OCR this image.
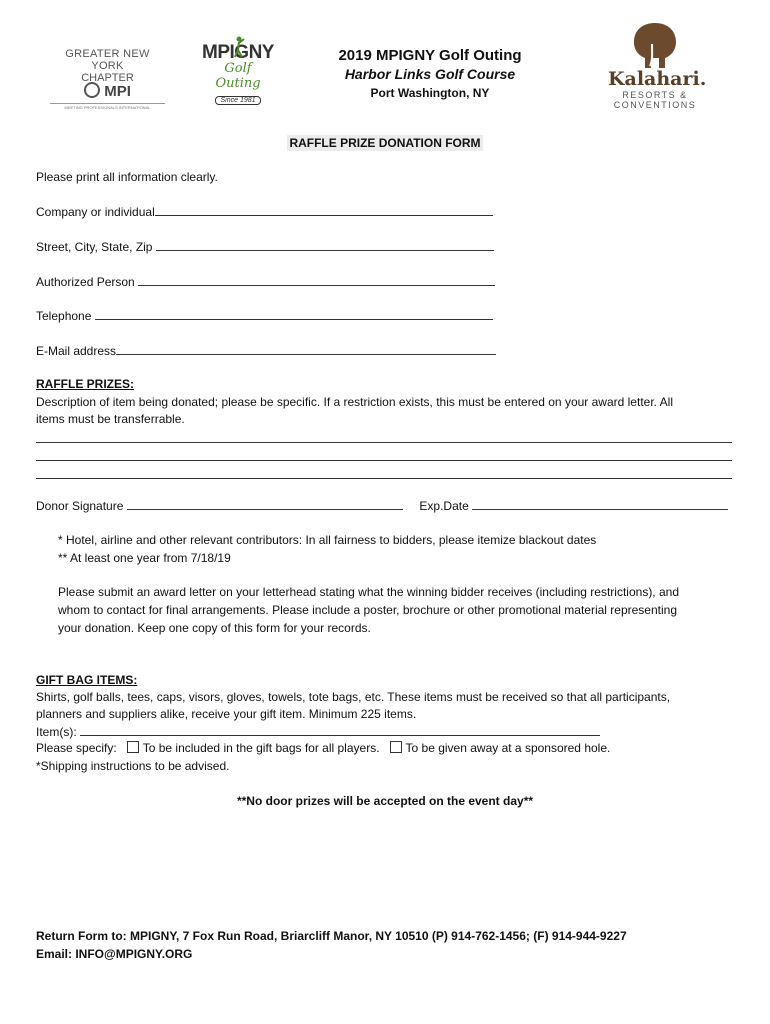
GREATER NEW YORK
CHAPTER
MPI
MEETING PROFESSIONALS INTERNATIONAL
MPIGNY
Golf Outing
Since 1981
2019 MPIGNY Golf Outing
Harbor Links Golf Course
Port Washington, NY
Kalahari.
RESORTS &
CONVENTIONS
RAFFLE PRIZE DONATION FORM
Please print all information clearly.
Company or individual
Street, City, State, Zip
Authorized Person
Telephone
E-Mail address
RAFFLE PRIZES:
Description of item being donated; please be specific. If a restriction exists, this must be entered on your award letter. All
items must be transferrable.
Donor Signature	Exp.Date
* Hotel, airline and other relevant contributors: In all fairness to bidders, please itemize blackout dates
** At least one year from 7/18/19
Please submit an award letter on your letterhead stating what the winning bidder receives (including restrictions), and
whom to contact for final arrangements. Please include a poster, brochure or other promotional material representing
your donation. Keep one copy of this form for your records.
GIFT BAG ITEMS:
Shirts, golf balls, tees, caps, visors, gloves, towels, tote bags, etc. These items must be received so that all participants,
planners and suppliers alike, receive your gift item. Minimum 225 items.
Item(s):
Please specify: To be included in the gift bags for all players. To be given away at a sponsored hole.
*Shipping instructions to be advised.
**No door prizes will be accepted on the event day**
Return Form to: MPIGNY, 7 Fox Run Road, Briarcliff Manor, NY 10510 (P) 914-762-1456; (F) 914-944-9227
Email: INFO@MPIGNY.ORG
